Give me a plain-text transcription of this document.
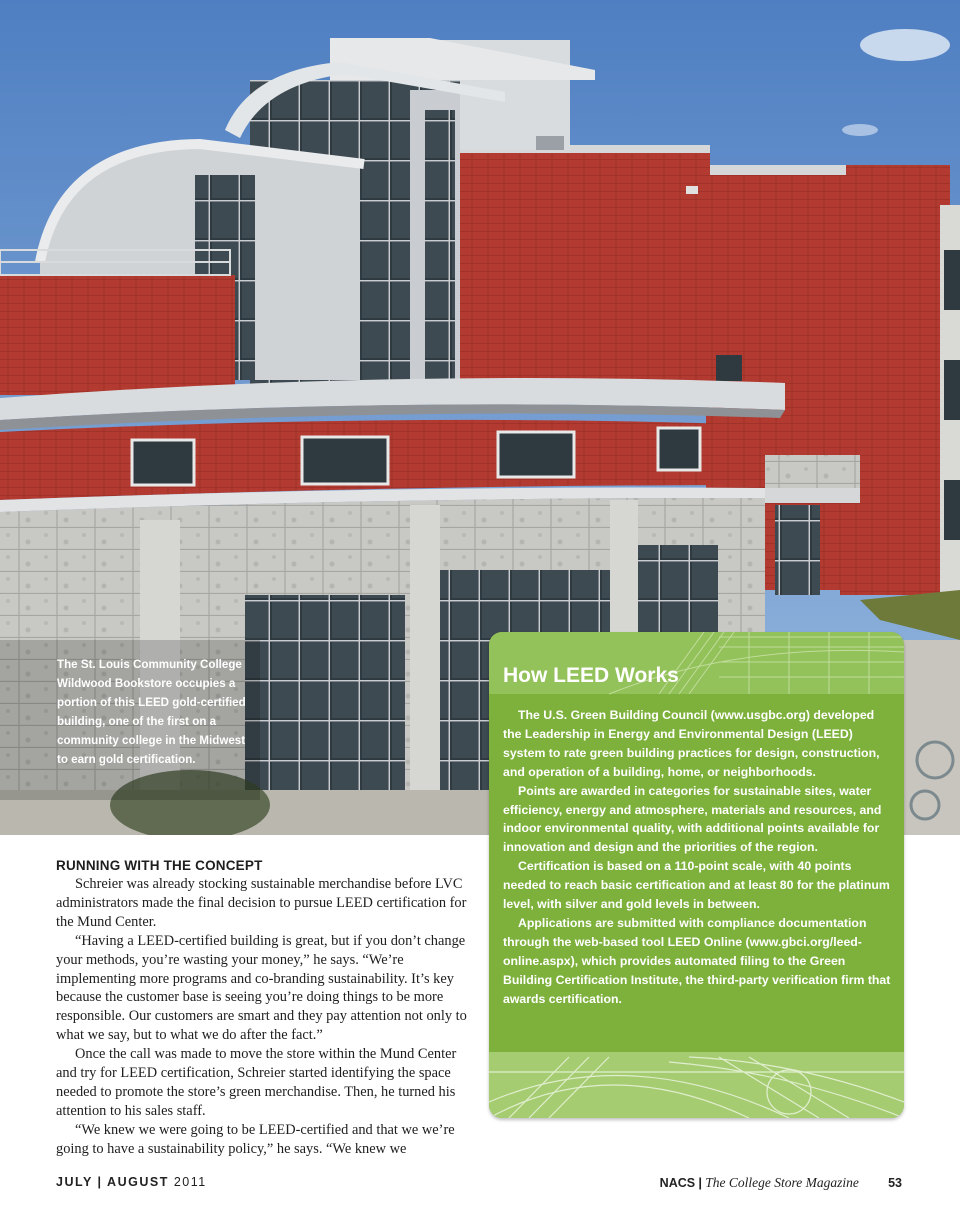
The St. Louis Community College Wildwood Bookstore occupies a portion of this LEED gold-certified building, one of the first on a community college in the Midwest to earn gold certification.

How LEED Works

The U.S. Green Building Council (www.usgbc.org) developed the Leadership in Energy and Environmental Design (LEED) system to rate green building practices for design, construction, and operation of a building, home, or neighborhoods.

Points are awarded in categories for sustainable sites, water efficiency, energy and atmosphere, materials and resources, and indoor environmental quality, with additional points available for innovation and design and the priorities of the region.

Certification is based on a 110-point scale, with 40 points needed to reach basic certification and at least 80 for the platinum level, with silver and gold levels in between.

Applications are submitted with compliance documentation through the web-based tool LEED Online (www.gbci.org/leed-online.aspx), which provides automated filing to the Green Building Certification Institute, the third-party verification firm that awards certification.

RUNNING WITH THE CONCEPT

Schreier was already stocking sustainable merchandise before LVC administrators made the final decision to pursue LEED certification for the Mund Center.

“Having a LEED-certified building is great, but if you don’t change your methods, you’re wasting your money,” he says. “We’re implementing more programs and co-branding sustainability. It’s key because the customer base is seeing you’re doing things to be more responsible. Our customers are smart and they pay attention not only to what we say, but to what we do after the fact.”

Once the call was made to move the store within the Mund Center and try for LEED certification, Schreier started identifying the space needed to promote the store’s green merchandise. Then, he turned his attention to his sales staff.

“We knew we were going to be LEED-certified and that we we’re going to have a sustainability policy,” he says. “We knew we

JULY | AUGUST 2011	NACS | The College Store Magazine 53
